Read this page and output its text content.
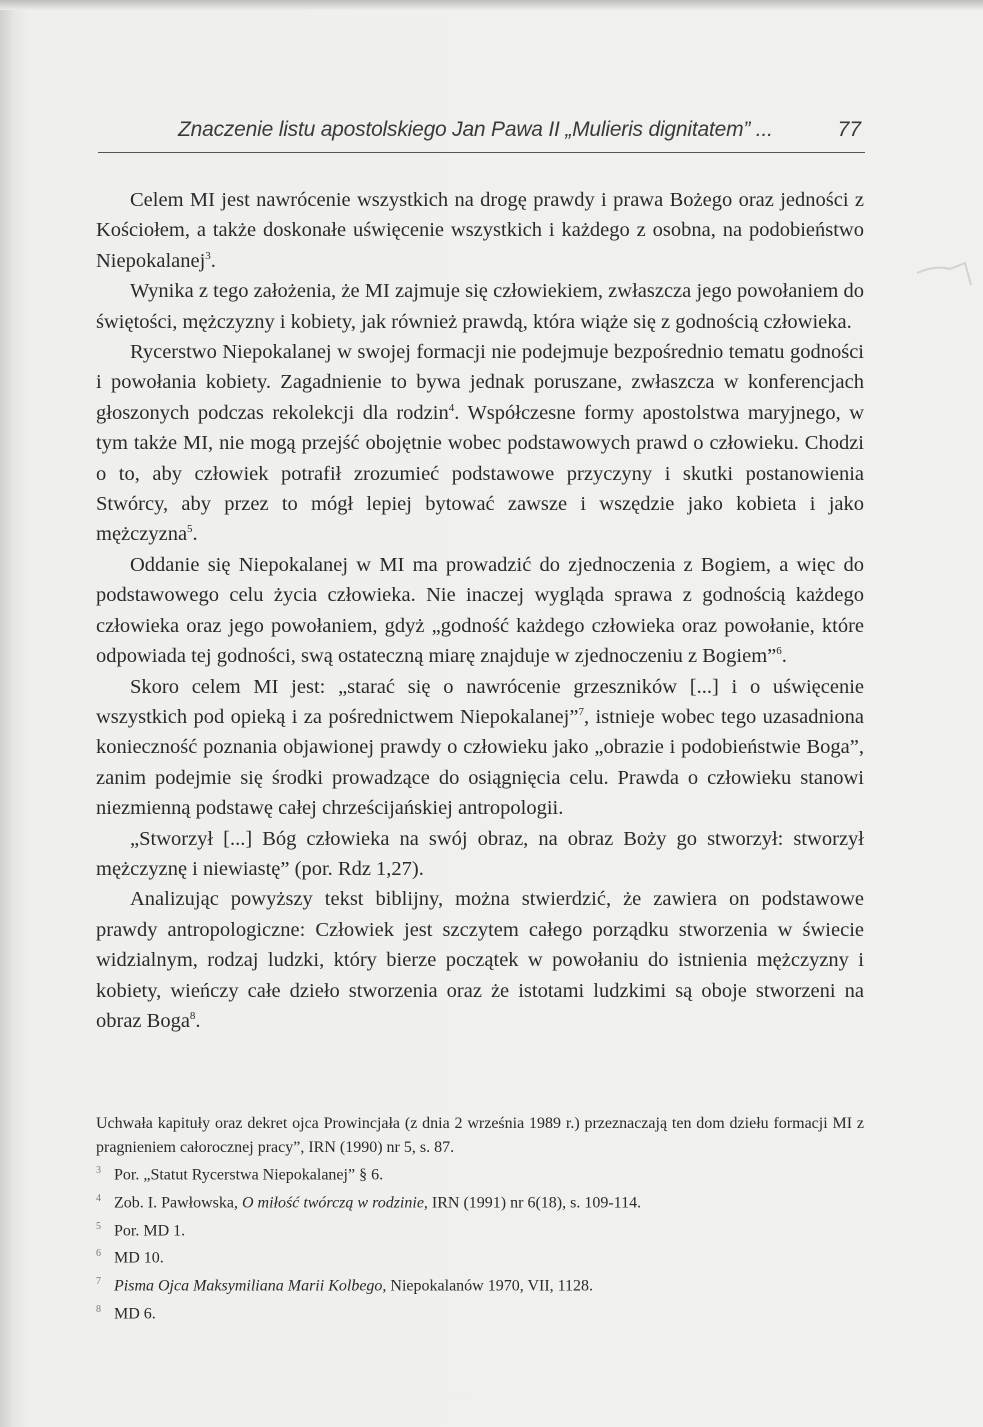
Znaczenie listu apostolskiego Jan Pawa II „Mulieris dignitatem” ...	77

Celem MI jest nawrócenie wszystkich na drogę prawdy i prawa Bożego oraz jedności z Kościołem, a także doskonałe uświęcenie wszystkich i każdego z osobna, na podobieństwo Niepokalanej$^3$.

Wynika z tego założenia, że MI zajmuje się człowiekiem, zwłaszcza jego powołaniem do świętości, mężczyzny i kobiety, jak również prawdą, która wiąże się z godnością człowieka.

Rycerstwo Niepokalanej w swojej formacji nie podejmuje bezpośrednio tematu godności i powołania kobiety. Zagadnienie to bywa jednak poruszane, zwłaszcza w konferencjach głoszonych podczas rekolekcji dla rodzin$^4$. Współczesne formy apostolstwa maryjnego, w tym także MI, nie mogą przejść obojętnie wobec podstawowych prawd o człowieku. Chodzi o to, aby człowiek potrafił zrozumieć podstawowe przyczyny i skutki postanowienia Stwórcy, aby przez to mógł lepiej bytować zawsze i wszędzie jako kobieta i jako mężczyzna$^5$.

Oddanie się Niepokalanej w MI ma prowadzić do zjednoczenia z Bogiem, a więc do podstawowego celu życia człowieka. Nie inaczej wygląda sprawa z godnością każdego człowieka oraz jego powołaniem, gdyż „godność każdego człowieka oraz powołanie, które odpowiada tej godności, swą ostateczną miarę znajduje w zjednoczeniu z Bogiem”$^6$.

Skoro celem MI jest: „starać się o nawrócenie grzeszników [...] i o uświęcenie wszystkich pod opieką i za pośrednictwem Niepokalanej”$^7$, istnieje wobec tego uzasadniona konieczność poznania objawionej prawdy o człowieku jako „obrazie i podobieństwie Boga”, zanim podejmie się środki prowadzące do osiągnięcia celu. Prawda o człowieku stanowi niezmienną podstawę całej chrześcijańskiej antropologii.

„Stworzył [...] Bóg człowieka na swój obraz, na obraz Boży go stworzył: stworzył mężczyznę i niewiastę” (por. Rdz 1,27).

Analizując powyższy tekst biblijny, można stwierdzić, że zawiera on podstawowe prawdy antropologiczne: Człowiek jest szczytem całego porządku stworzenia w świecie widzialnym, rodzaj ludzki, który bierze początek w powołaniu do istnienia mężczyzny i kobiety, wieńczy całe dzieło stworzenia oraz że istotami ludzkimi są oboje stworzeni na obraz Boga$^8$.

Uchwała kapituły oraz dekret ojca Prowincjała (z dnia 2 września 1989 r.) przeznaczają ten dom dziełu formacji MI z pragnieniem całorocznej pracy”, IRN (1990) nr 5, s. 87.

3 Por. „Statut Rycerstwa Niepokalanej” § 6.

4 Zob. I. Pawłowska, O miłość twórczą w rodzinie, IRN (1991) nr 6(18), s. 109-114.

5 Por. MD 1.

6 MD 10.

7 Pisma Ojca Maksymiliana Marii Kolbego, Niepokalanów 1970, VII, 1128.

8 MD 6.
